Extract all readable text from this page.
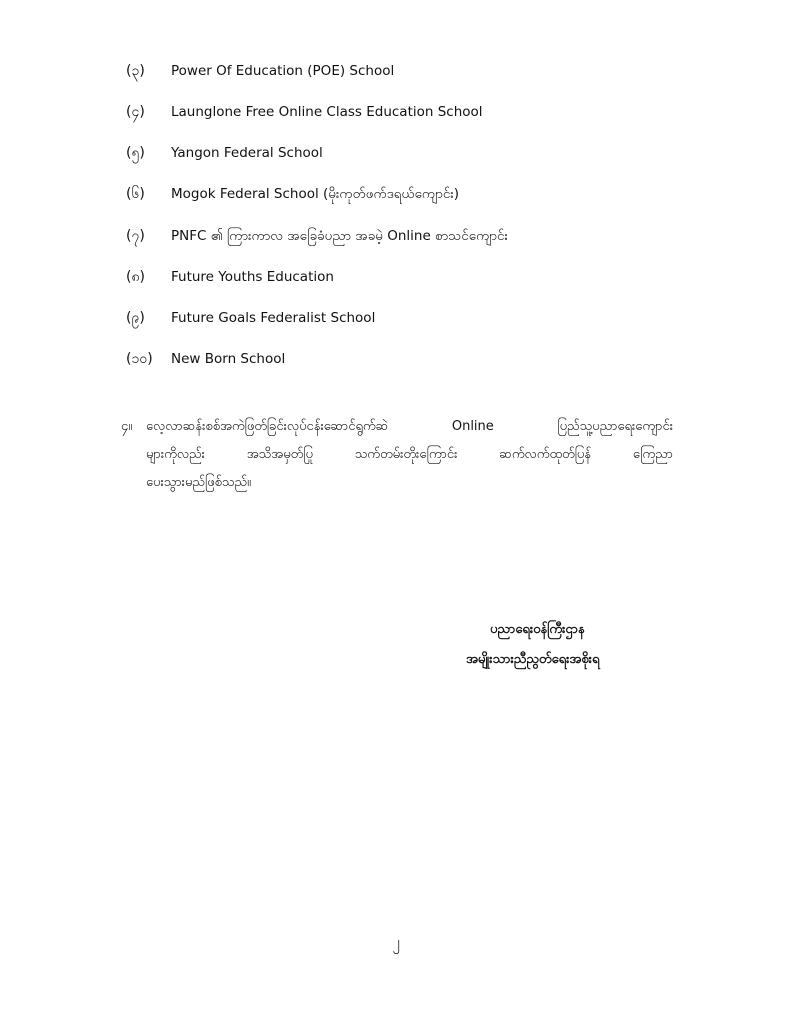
(၃) Power Of Education (POE) School
(၄) Launglone Free Online Class Education School
(၅) Yangon Federal School
(၆) Mogok Federal School (မိုးကုတ်ဖက်ဒရယ်ကျောင်း)
(၇) PNFC ၏ ကြားကာလ အခြေခံပညာ အခမဲ့ Online စာသင်ကျောင်း
(၈) Future Youths Education
(၉) Future Goals Federalist School
(၁၀) New Born School
၄။	လေ့လာဆန်းစစ်အကဲဖြတ်ခြင်းလုပ်ငန်းဆောင်ရွက်ဆဲ Online ပြည်သူ့ပညာရေးကျောင်း
များကိုလည်း အသိအမှတ်ပြု သက်တမ်းတိုးကြောင်း ဆက်လက်ထုတ်ပြန် ကြေညာ
ပေးသွားမည်ဖြစ်သည်။
ပညာရေးဝန်ကြီးဌာန
အမျိုးသားညီညွတ်ရေးအစိုးရ
၂
